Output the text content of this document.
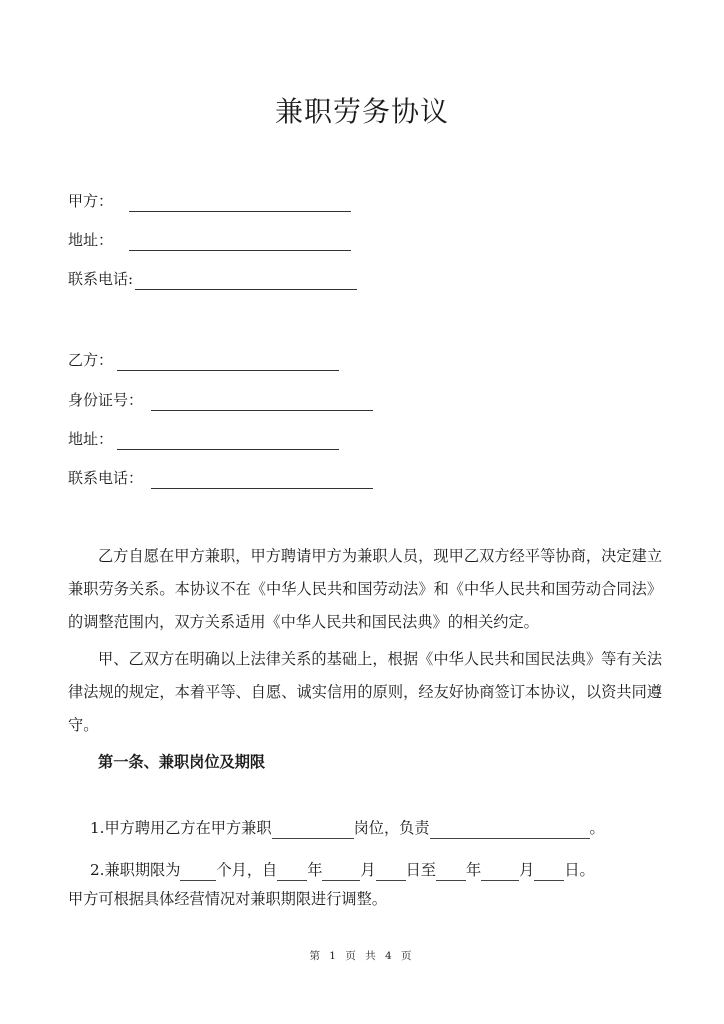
兼职劳务协议
甲方：
地址：
联系电话:
乙方：
身份证号：
地址：
联系电话：

乙方自愿在甲方兼职，甲方聘请甲方为兼职人员，现甲乙双方经平等协商，决定建立兼职劳务关系。本协议不在《中华人民共和国劳动法》和《中华人民共和国劳动合同法》的调整范围内，双方关系适用《中华人民共和国民法典》的相关约定。

甲、乙双方在明确以上法律关系的基础上，根据《中华人民共和国民法典》等有关法律法规的规定，本着平等、自愿、诚实信用的原则，经友好协商签订本协议，以资共同遵守。

第一条、兼职岗位及期限

1.甲方聘用乙方在甲方兼职	岗位，负责	。
2.兼职期限为 个月，自 年	月 日至 年	月 日。
甲方可根据具体经营情况对兼职期限进行调整。
第 1 页 共 4 页
